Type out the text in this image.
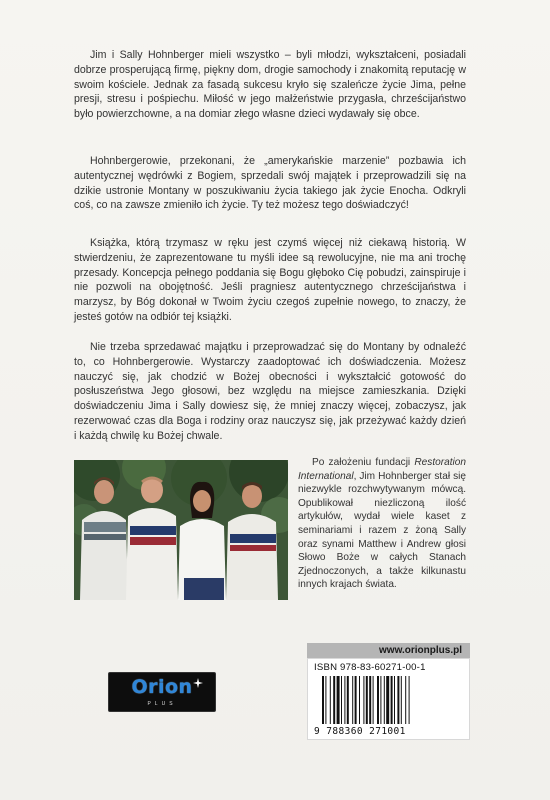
Jim i Sally Hohnberger mieli wszystko – byli młodzi, wykształceni, posiadali dobrze prosperującą firmę, piękny dom, drogie samochody i znakomitą reputację w swoim kościele. Jednak za fasadą sukcesu kryło się szaleńcze życie Jima, pełne presji, stresu i pośpiechu. Miłość w jego małżeństwie przygasła, chrześcijaństwo było powierzchowne, a na domiar złego własne dzieci wydawały się obce.

Hohnbergerowie, przekonani, że „amerykańskie marzenie” pozbawia ich autentycznej wędrówki z Bogiem, sprzedali swój majątek i przeprowadzili się na dzikie ustronie Montany w poszukiwaniu życia takiego jak życie Enocha. Odkryli coś, co na zawsze zmieniło ich życie. Ty też możesz tego doświadczyć!

Książka, którą trzymasz w ręku jest czymś więcej niż ciekawą historią. W stwierdzeniu, że zaprezentowane tu myśli idee są rewolucyjne, nie ma ani trochę przesady. Koncepcja pełnego poddania się Bogu głęboko Cię pobudzi, zainspiruje i nie pozwoli na obojętność. Jeśli pragniesz autentycznego chrześcijaństwa i marzysz, by Bóg dokonał w Twoim życiu czegoś zupełnie nowego, to znaczy, że jesteś gotów na odbiór tej książki.

Nie trzeba sprzedawać majątku i przeprowadzać się do Montany by odnaleźć to, co Hohnbergerowie. Wystarczy zaadoptować ich doświadczenia. Możesz nauczyć się, jak chodzić w Bożej obecności i wykształcić gotowość do posłuszeństwa Jego głosowi, bez względu na miejsce zamieszkania. Dzięki doświadczeniu Jima i Sally dowiesz się, że mniej znaczy więcej, zobaczysz, jak rezerwować czas dla Boga i rodziny oraz nauczysz się, jak przeżywać każdy dzień i każdą chwilę ku Bożej chwale.

Po założeniu fundacji Restoration International, Jim Hohnberger stał się niezwykle rozchwytywanym mówcą. Opublikował niezliczoną ilość artykułów, wydał wiele kaset z seminariami i razem z żoną Sally oraz synami Matthew i Andrew głosi Słowo Boże w całych Stanach Zjednoczonych, a także kilkunastu innych krajach świata.

Orion
PLUS
www.orionplus.pl
ISBN 978-83-60271-00-1
9 788360 271001
